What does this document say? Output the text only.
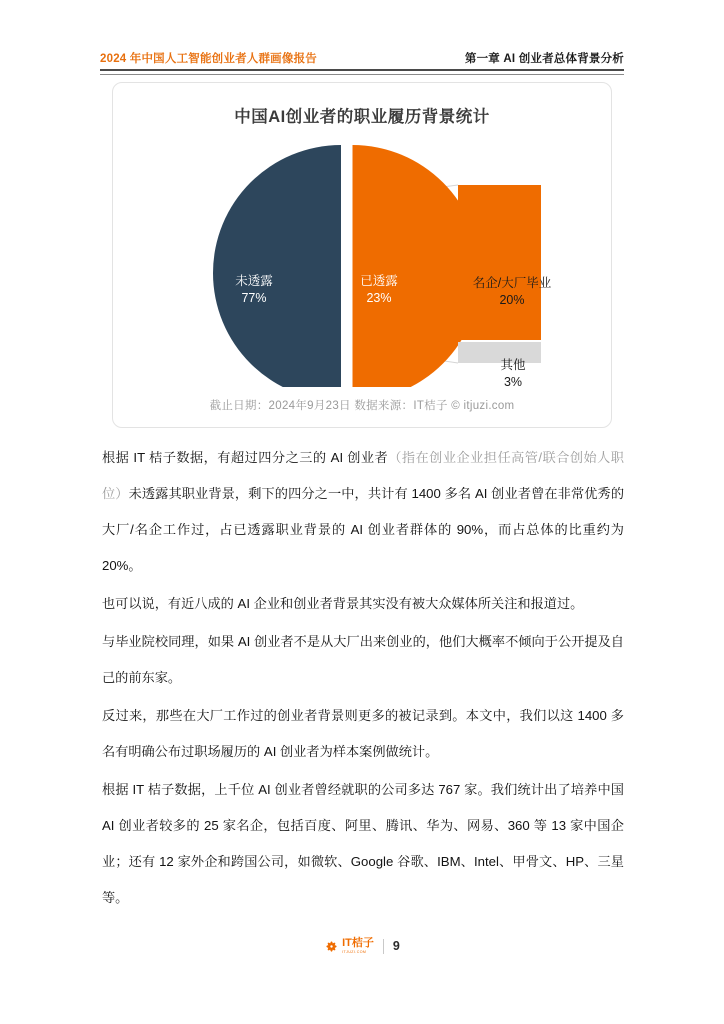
2024 年中国人工智能创业者人群画像报告	第一章 AI 创业者总体背景分析
中国AI创业者的职业履历背景统计
未透露
77%
已透露
23%
名企/大厂毕业
20%
其他
3%
截止日期：2024年9月23日 数据来源：IT桔子 © itjuzi.com

根据 IT 桔子数据，有超过四分之三的 AI 创业者（指在创业企业担任高管/联合创始人职位）未透露其职业背景，剩下的四分之一中，共计有 1400 多名 AI 创业者曾在非常优秀的大厂/名企工作过，占已透露职业背景的 AI 创业者群体的 90%，而占总体的比重约为 20%。

也可以说，有近八成的 AI 企业和创业者背景其实没有被大众媒体所关注和报道过。

与毕业院校同理，如果 AI 创业者不是从大厂出来创业的，他们大概率不倾向于公开提及自己的前东家。

反过来，那些在大厂工作过的创业者背景则更多的被记录到。本文中，我们以这 1400 多名有明确公布过职场履历的 AI 创业者为样本案例做统计。

根据 IT 桔子数据，上千位 AI 创业者曾经就职的公司多达 767 家。我们统计出了培养中国 AI 创业者较多的 25 家名企，包括百度、阿里、腾讯、华为、网易、360 等 13 家中国企业；还有 12 家外企和跨国公司，如微软、Google 谷歌、IBM、Intel、甲骨文、HP、三星等。

IT桔子
ITJUZI.COM	9
